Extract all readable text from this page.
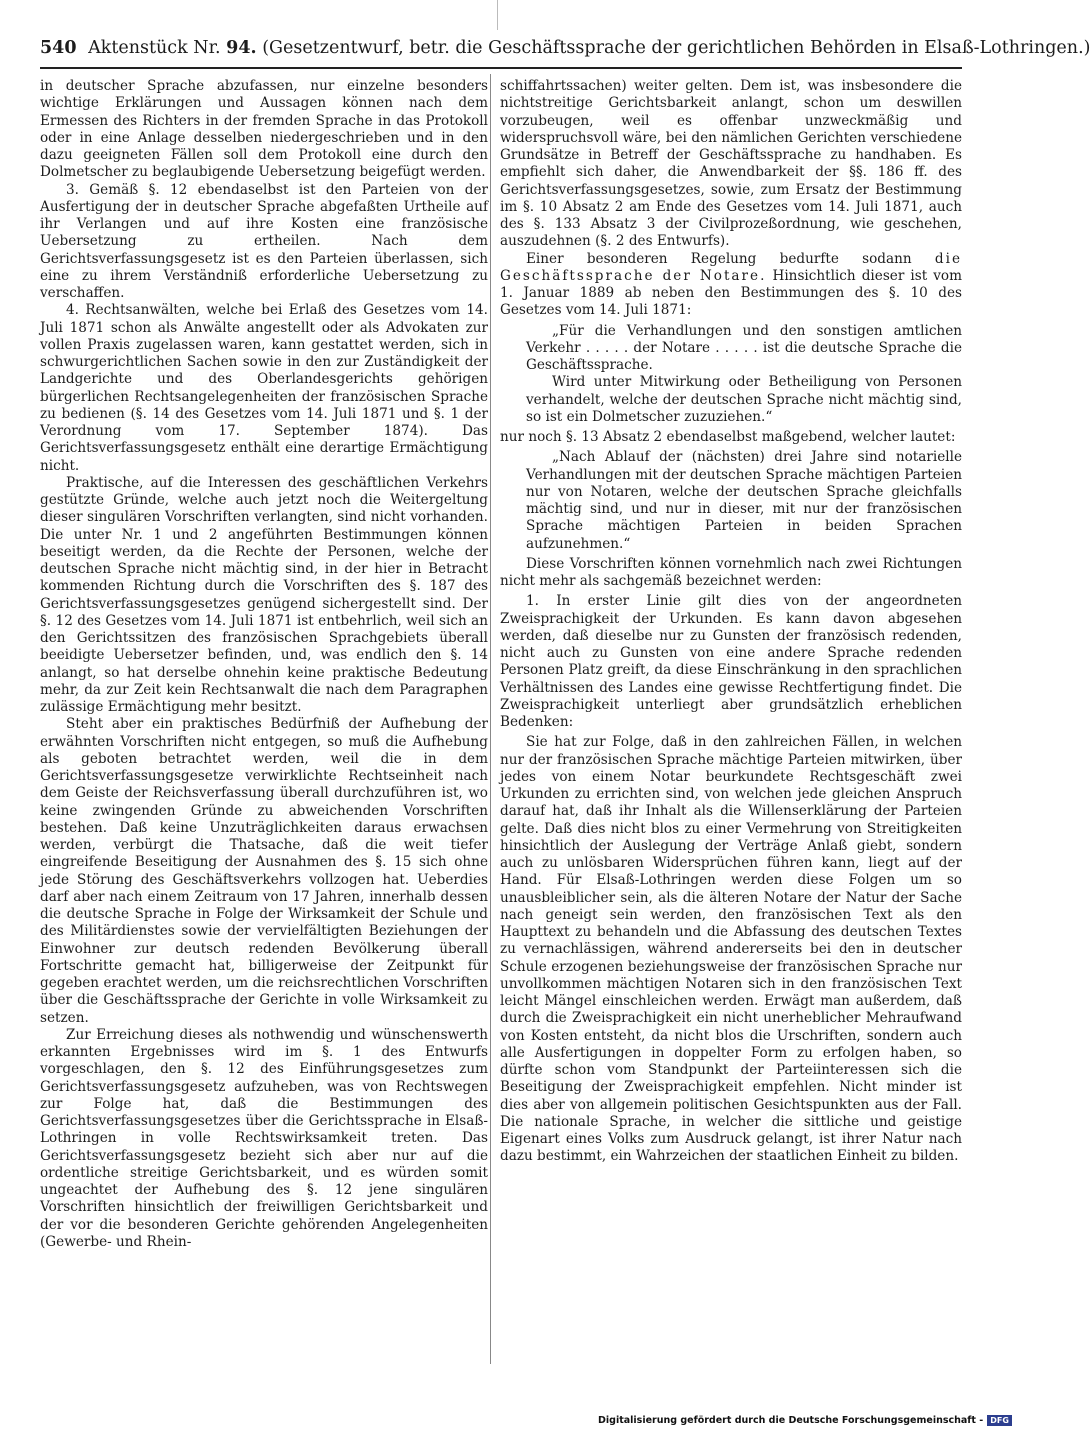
540 Aktenstück Nr. 94. (Gesetzentwurf, betr. die Geschäftssprache der gerichtlichen Behörden in Elsaß-Lothringen.)

in deutscher Sprache abzufassen, nur einzelne besonders wichtige Erklärungen und Aussagen können nach dem Ermessen des Richters in der fremden Sprache in das Protokoll oder in eine Anlage desselben niedergeschrieben und in den dazu geeigneten Fällen soll dem Protokoll eine durch den Dolmetscher zu beglaubigende Uebersetzung beigefügt werden.

3. Gemäß §. 12 ebendaselbst ist den Parteien von der Ausfertigung der in deutscher Sprache abgefaßten Urtheile auf ihr Verlangen und auf ihre Kosten eine französische Uebersetzung zu ertheilen. Nach dem Gerichtsverfassungsgesetz ist es den Parteien überlassen, sich eine zu ihrem Verständniß erforderliche Uebersetzung zu verschaffen.

4. Rechtsanwälten, welche bei Erlaß des Gesetzes vom 14. Juli 1871 schon als Anwälte angestellt oder als Advokaten zur vollen Praxis zugelassen waren, kann gestattet werden, sich in schwurgerichtlichen Sachen sowie in den zur Zuständigkeit der Landgerichte und des Oberlandesgerichts gehörigen bürgerlichen Rechtsangelegenheiten der französischen Sprache zu bedienen (§. 14 des Gesetzes vom 14. Juli 1871 und §. 1 der Verordnung vom 17. September 1874). Das Gerichtsverfassungsgesetz enthält eine derartige Ermächtigung nicht.

Praktische, auf die Interessen des geschäftlichen Verkehrs gestützte Gründe, welche auch jetzt noch die Weitergeltung dieser singulären Vorschriften verlangten, sind nicht vorhanden. Die unter Nr. 1 und 2 angeführten Bestimmungen können beseitigt werden, da die Rechte der Personen, welche der deutschen Sprache nicht mächtig sind, in der hier in Betracht kommenden Richtung durch die Vorschriften des §. 187 des Gerichtsverfassungsgesetzes genügend sichergestellt sind. Der §. 12 des Gesetzes vom 14. Juli 1871 ist entbehrlich, weil sich an den Gerichtssitzen des französischen Sprachgebiets überall beeidigte Uebersetzer befinden, und, was endlich den §. 14 anlangt, so hat derselbe ohnehin keine praktische Bedeutung mehr, da zur Zeit kein Rechtsanwalt die nach dem Paragraphen zulässige Ermächtigung mehr besitzt.

Steht aber ein praktisches Bedürfniß der Aufhebung der erwähnten Vorschriften nicht entgegen, so muß die Aufhebung als geboten betrachtet werden, weil die in dem Gerichtsverfassungsgesetze verwirklichte Rechtseinheit nach dem Geiste der Reichsverfassung überall durchzuführen ist, wo keine zwingenden Gründe zu abweichenden Vorschriften bestehen. Daß keine Unzuträglichkeiten daraus erwachsen werden, verbürgt die Thatsache, daß die weit tiefer eingreifende Beseitigung der Ausnahmen des §. 15 sich ohne jede Störung des Geschäftsverkehrs vollzogen hat. Ueberdies darf aber nach einem Zeitraum von 17 Jahren, innerhalb dessen die deutsche Sprache in Folge der Wirksamkeit der Schule und des Militärdienstes sowie der vervielfältigten Beziehungen der Einwohner zur deutsch redenden Bevölkerung überall Fortschritte gemacht hat, billigerweise der Zeitpunkt für gegeben erachtet werden, um die reichsrechtlichen Vorschriften über die Geschäftssprache der Gerichte in volle Wirksamkeit zu setzen.

Zur Erreichung dieses als nothwendig und wünschenswerth erkannten Ergebnisses wird im §. 1 des Entwurfs vorgeschlagen, den §. 12 des Einführungsgesetzes zum Gerichtsverfassungsgesetz aufzuheben, was von Rechtswegen zur Folge hat, daß die Bestimmungen des Gerichtsverfassungsgesetzes über die Gerichtssprache in Elsaß-Lothringen in volle Rechtswirksamkeit treten. Das Gerichtsverfassungsgesetz bezieht sich aber nur auf die ordentliche streitige Gerichtsbarkeit, und es würden somit ungeachtet der Aufhebung des §. 12 jene singulären Vorschriften hinsichtlich der freiwilligen Gerichtsbarkeit und der vor die besonderen Gerichte gehörenden Angelegenheiten (Gewerbe- und Rhein-

schiffahrtssachen) weiter gelten. Dem ist, was insbesondere die nichtstreitige Gerichtsbarkeit anlangt, schon um deswillen vorzubeugen, weil es offenbar unzweckmäßig und widerspruchsvoll wäre, bei den nämlichen Gerichten verschiedene Grundsätze in Betreff der Geschäftssprache zu handhaben. Es empfiehlt sich daher, die Anwendbarkeit der §§. 186 ff. des Gerichtsverfassungsgesetzes, sowie, zum Ersatz der Bestimmung im §. 10 Absatz 2 am Ende des Gesetzes vom 14. Juli 1871, auch des §. 133 Absatz 3 der Civilprozeßordnung, wie geschehen, auszudehnen (§. 2 des Entwurfs).

Einer besonderen Regelung bedurfte sodann die Geschäftssprache der Notare. Hinsichtlich dieser ist vom 1. Januar 1889 ab neben den Bestimmungen des §. 10 des Gesetzes vom 14. Juli 1871:

„Für die Verhandlungen und den sonstigen amtlichen Verkehr . . . . . der Notare . . . . . ist die deutsche Sprache die Geschäftssprache.

Wird unter Mitwirkung oder Betheiligung von Personen verhandelt, welche der deutschen Sprache nicht mächtig sind, so ist ein Dolmetscher zuzuziehen.“

nur noch §. 13 Absatz 2 ebendaselbst maßgebend, welcher lautet:

„Nach Ablauf der (nächsten) drei Jahre sind notarielle Verhandlungen mit der deutschen Sprache mächtigen Parteien nur von Notaren, welche der deutschen Sprache gleichfalls mächtig sind, und nur in dieser, mit nur der französischen Sprache mächtigen Parteien in beiden Sprachen aufzunehmen.“

Diese Vorschriften können vornehmlich nach zwei Richtungen nicht mehr als sachgemäß bezeichnet werden:

1. In erster Linie gilt dies von der angeordneten Zweisprachigkeit der Urkunden. Es kann davon abgesehen werden, daß dieselbe nur zu Gunsten der französisch redenden, nicht auch zu Gunsten von eine andere Sprache redenden Personen Platz greift, da diese Einschränkung in den sprachlichen Verhältnissen des Landes eine gewisse Rechtfertigung findet. Die Zweisprachigkeit unterliegt aber grundsätzlich erheblichen Bedenken:

Sie hat zur Folge, daß in den zahlreichen Fällen, in welchen nur der französischen Sprache mächtige Parteien mitwirken, über jedes von einem Notar beurkundete Rechtsgeschäft zwei Urkunden zu errichten sind, von welchen jede gleichen Anspruch darauf hat, daß ihr Inhalt als die Willenserklärung der Parteien gelte. Daß dies nicht blos zu einer Vermehrung von Streitigkeiten hinsichtlich der Auslegung der Verträge Anlaß giebt, sondern auch zu unlösbaren Widersprüchen führen kann, liegt auf der Hand. Für Elsaß-Lothringen werden diese Folgen um so unausbleiblicher sein, als die älteren Notare der Natur der Sache nach geneigt sein werden, den französischen Text als den Haupttext zu behandeln und die Abfassung des deutschen Textes zu vernachlässigen, während andererseits bei den in deutscher Schule erzogenen beziehungsweise der französischen Sprache nur unvollkommen mächtigen Notaren sich in den französischen Text leicht Mängel einschleichen werden. Erwägt man außerdem, daß durch die Zweisprachigkeit ein nicht unerheblicher Mehraufwand von Kosten entsteht, da nicht blos die Urschriften, sondern auch alle Ausfertigungen in doppelter Form zu erfolgen haben, so dürfte schon vom Standpunkt der Parteiinteressen sich die Beseitigung der Zweisprachigkeit empfehlen. Nicht minder ist dies aber von allgemein politischen Gesichtspunkten aus der Fall. Die nationale Sprache, in welcher die sittliche und geistige Eigenart eines Volks zum Ausdruck gelangt, ist ihrer Natur nach dazu bestimmt, ein Wahrzeichen der staatlichen Einheit zu bilden.

Digitalisierung gefördert durch die Deutsche Forschungsgemeinschaft - DFG
